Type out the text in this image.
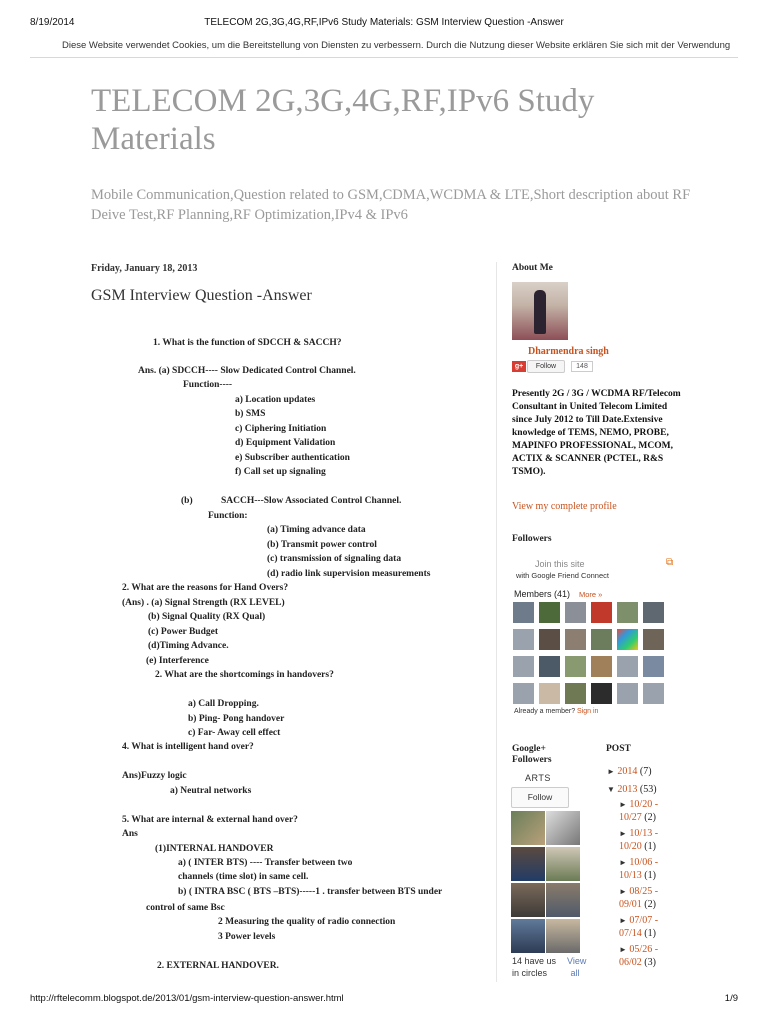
8/19/2014	TELECOM 2G,3G,4G,RF,IPv6 Study Materials: GSM Interview Question -Answer
Diese Website verwendet Cookies, um die Bereitstellung von Diensten zu verbessern. Durch die Nutzung dieser Website erklären Sie sich mit der Verwendung
TELECOM 2G,3G,4G,RF,IPv6 Study Materials
Mobile Communication,Question related to GSM,CDMA,WCDMA & LTE,Short description about RF Deive Test,RF Planning,RF Optimization,IPv4 & IPv6
Friday, January 18, 2013
GSM Interview Question -Answer
1. What is the function of SDCCH & SACCH?
Ans. (a) SDCCH---- Slow Dedicated Control Channel.
Function----
a) Location updates
b) SMS
c) Ciphering Initiation
d) Equipment Validation
e) Subscriber authentication
f) Call set up signaling
(b)	SACCH---Slow Associated Control Channel.
Function:
(a) Timing advance data
(b) Transmit power control
(c) transmission of signaling data
(d) radio link supervision measurements
2. What are the reasons for Hand Overs?
(Ans) . (a) Signal Strength (RX LEVEL)
(b) Signal Quality (RX Qual)
(c) Power Budget
(d)Timing Advance.
(e) Interference
2. What are the shortcomings in handovers?
a) Call Dropping.
b) Ping- Pong handover
c) Far- Away cell effect
4. What is intelligent hand over?
Ans)Fuzzy logic
a) Neutral networks
5. What are internal & external hand over?
Ans
(1)INTERNAL HANDOVER
a) ( INTER BTS) ---- Transfer between two
channels (time slot) in same cell.
b) ( INTRA BSC ( BTS –BTS)-----1 . transfer between BTS under
control of same Bsc
2 Measuring the quality of radio connection
3 Power levels
2. EXTERNAL HANDOVER.
About Me
Dharmendra singh
g+	Follow	148
Presently 2G / 3G / WCDMA RF/Telecom Consultant in United Telecom Limited since July 2012 to Till Date.Extensive knowledge of TEMS, NEMO, PROBE, MAPINFO PROFESSIONAL, MCOM, ACTIX & SCANNER (PCTEL, R&S TSMO).
View my complete profile
Followers
Join this site
with Google Friend Connect
⧉
Members (41) More »
Already a member? Sign in
Google+ Followers
ARTS
Follow
14 have us in circles
View all
POST
► 2014 (7)
▼ 2013 (53)
► 10/20 - 10/27 (2)
► 10/13 - 10/20 (1)
► 10/06 - 10/13 (1)
► 08/25 - 09/01 (2)
► 07/07 - 07/14 (1)
► 05/26 - 06/02 (3)
http://rftelecomm.blogspot.de/2013/01/gsm-interview-question-answer.html	1/9
